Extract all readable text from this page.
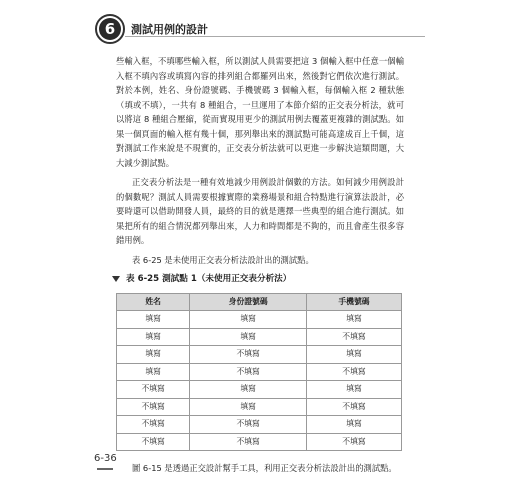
6	測試用例的設計

些輸入框，不填哪些輸入框，所以測試人員需要把這 3 個輸入框中任意一個輸入框不填內容或填寫內容的排列組合都羅列出來，然後對它們依次進行測試。對於本例，姓名、身份證號碼、手機號碼 3 個輸入框，每個輸入框 2 種狀態（填或不填），一共有 8 種組合，一旦運用了本節介紹的正交表分析法，就可以將這 8 種組合壓縮，從而實現用更少的測試用例去覆蓋更複雜的測試點。如果一個頁面的輸入框有幾十個，那列舉出來的測試點可能高達成百上千個，這對測試工作來說是不現實的，正交表分析法就可以更進一步解決這類問題，大大減少測試點。

正交表分析法是一種有效地減少用例設計個數的方法。如何減少用例設計的個數呢？測試人員需要根據實際的業務場景和組合特點進行演算法設計，必要時還可以借助開發人員，最終的目的就是選擇一些典型的組合進行測試。如果把所有的組合情況都列舉出來，人力和時間都是不夠的，而且會產生很多容錯用例。

表 6-25 是未使用正交表分析法設計出的測試點。

表 6-25 測試點 1（未使用正交表分析法）
姓名	身份證號碼	手機號碼
填寫	填寫	填寫
填寫	填寫	不填寫
填寫	不填寫	填寫
填寫	不填寫	不填寫
不填寫	填寫	填寫
不填寫	填寫	不填寫
不填寫	不填寫	填寫
不填寫	不填寫	不填寫

圖 6-15 是透過正交設計幫手工具，利用正交表分析法設計出的測試點。

6-36
